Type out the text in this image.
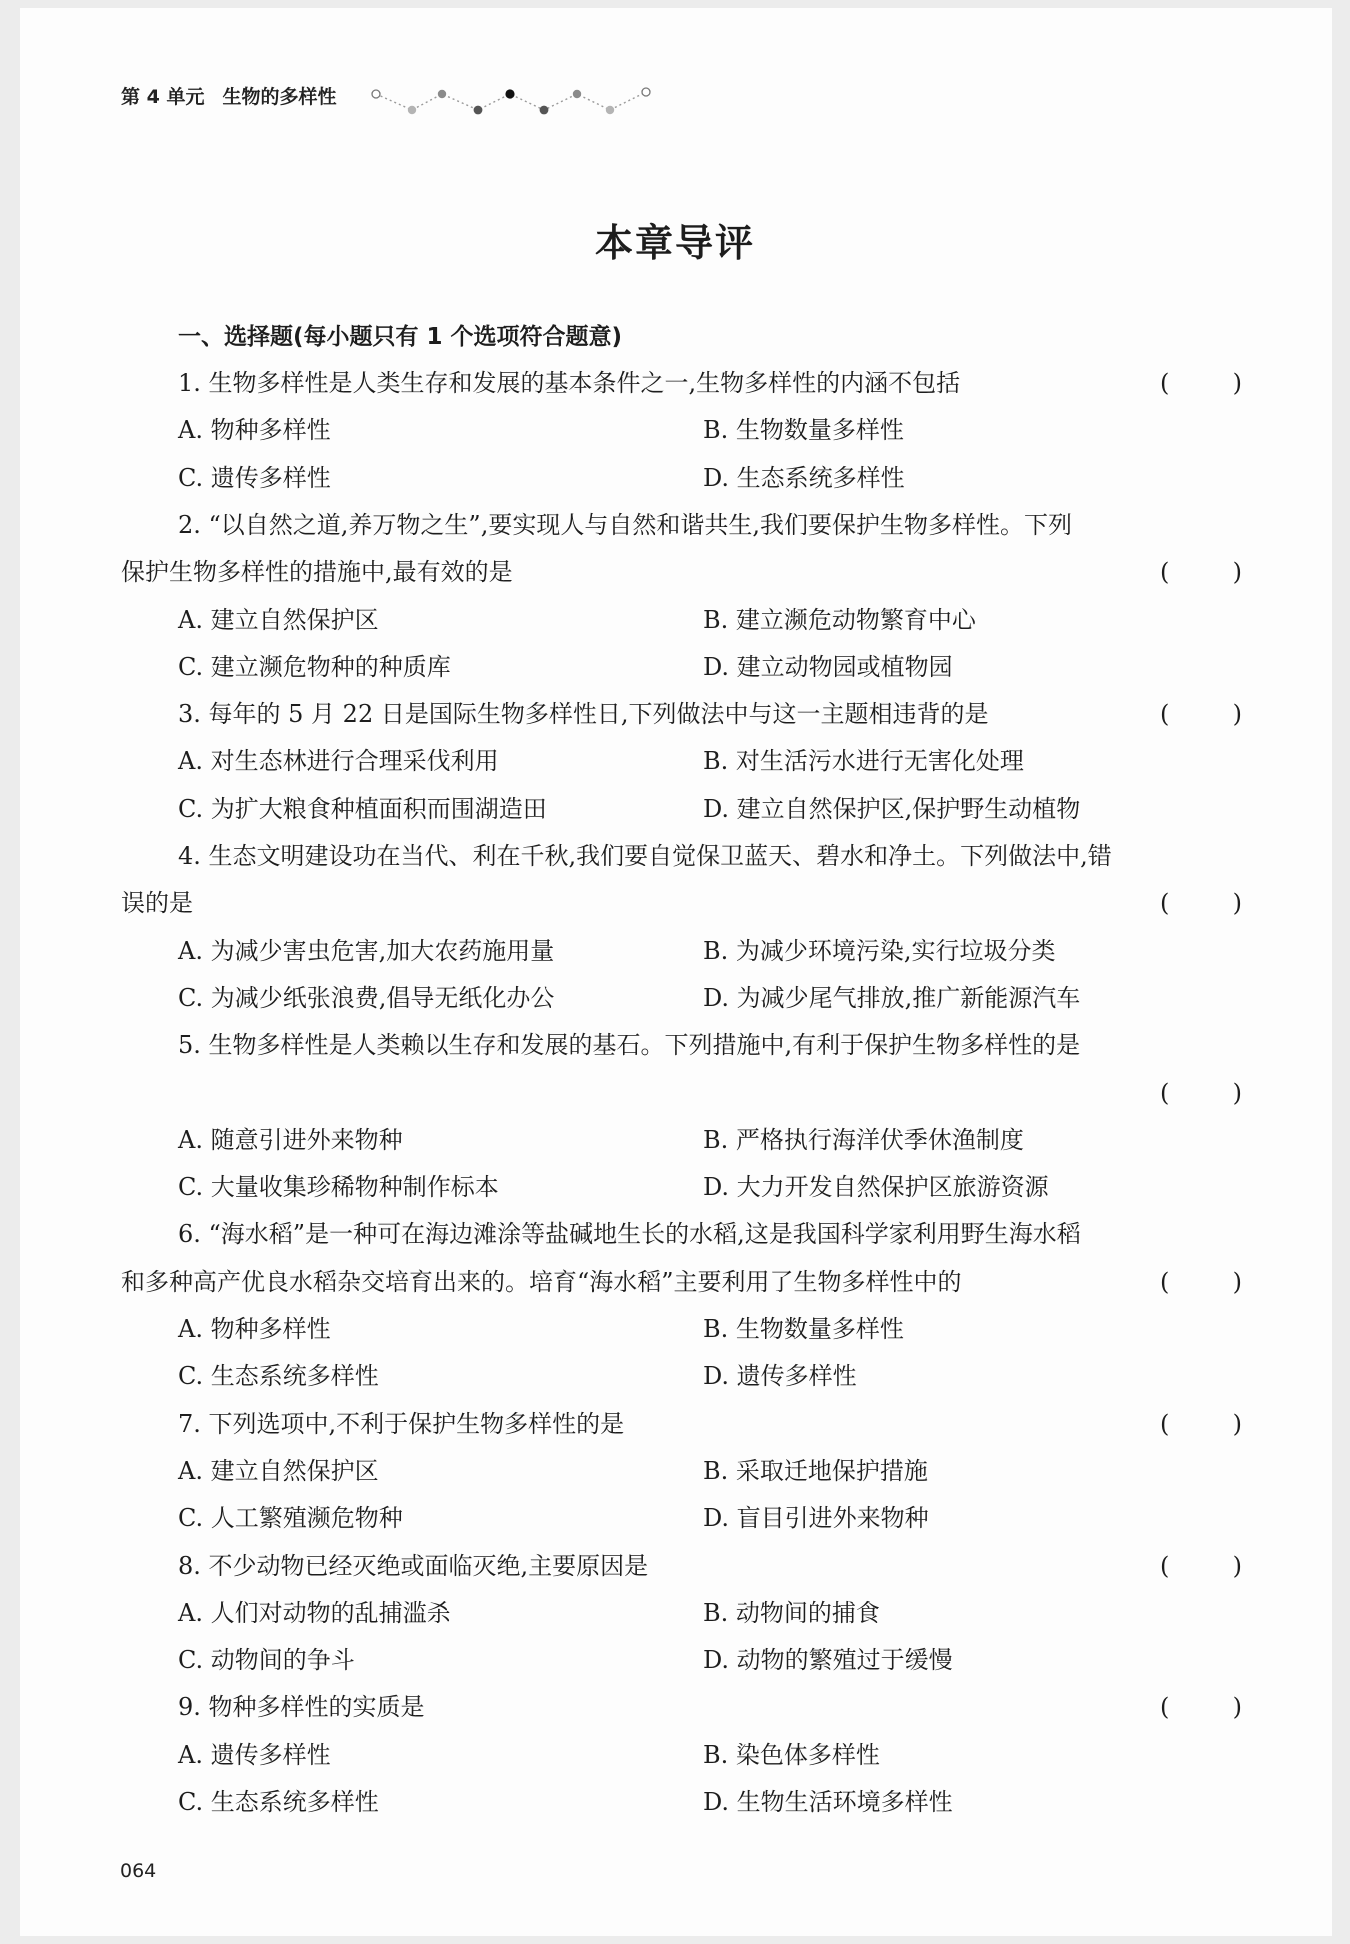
第 4 单元 生物的多样性
本章导评
一、选择题(每小题只有 1 个选项符合题意)
1. 生物多样性是人类生存和发展的基本条件之一,生物多样性的内涵不包括	(	)
A. 物种多样性	B. 生物数量多样性
C. 遗传多样性	D. 生态系统多样性
2. “以自然之道,养万物之生”,要实现人与自然和谐共生,我们要保护生物多样性。下列
保护生物多样性的措施中,最有效的是	(	)
A. 建立自然保护区	B. 建立濒危动物繁育中心
C. 建立濒危物种的种质库	D. 建立动物园或植物园
3. 每年的 5 月 22 日是国际生物多样性日,下列做法中与这一主题相违背的是	(	)
A. 对生态林进行合理采伐利用	B. 对生活污水进行无害化处理
C. 为扩大粮食种植面积而围湖造田	D. 建立自然保护区,保护野生动植物
4. 生态文明建设功在当代、利在千秋,我们要自觉保卫蓝天、碧水和净土。下列做法中,错
误的是	(	)
A. 为减少害虫危害,加大农药施用量	B. 为减少环境污染,实行垃圾分类
C. 为减少纸张浪费,倡导无纸化办公	D. 为减少尾气排放,推广新能源汽车
5. 生物多样性是人类赖以生存和发展的基石。下列措施中,有利于保护生物多样性的是
(	)
A. 随意引进外来物种	B. 严格执行海洋伏季休渔制度
C. 大量收集珍稀物种制作标本	D. 大力开发自然保护区旅游资源
6. “海水稻”是一种可在海边滩涂等盐碱地生长的水稻,这是我国科学家利用野生海水稻
和多种高产优良水稻杂交培育出来的。培育“海水稻”主要利用了生物多样性中的	(	)
A. 物种多样性	B. 生物数量多样性
C. 生态系统多样性	D. 遗传多样性
7. 下列选项中,不利于保护生物多样性的是	(	)
A. 建立自然保护区	B. 采取迁地保护措施
C. 人工繁殖濒危物种	D. 盲目引进外来物种
8. 不少动物已经灭绝或面临灭绝,主要原因是	(	)
A. 人们对动物的乱捕滥杀	B. 动物间的捕食
C. 动物间的争斗	D. 动物的繁殖过于缓慢
9. 物种多样性的实质是	(	)
A. 遗传多样性	B. 染色体多样性
C. 生态系统多样性	D. 生物生活环境多样性
064
